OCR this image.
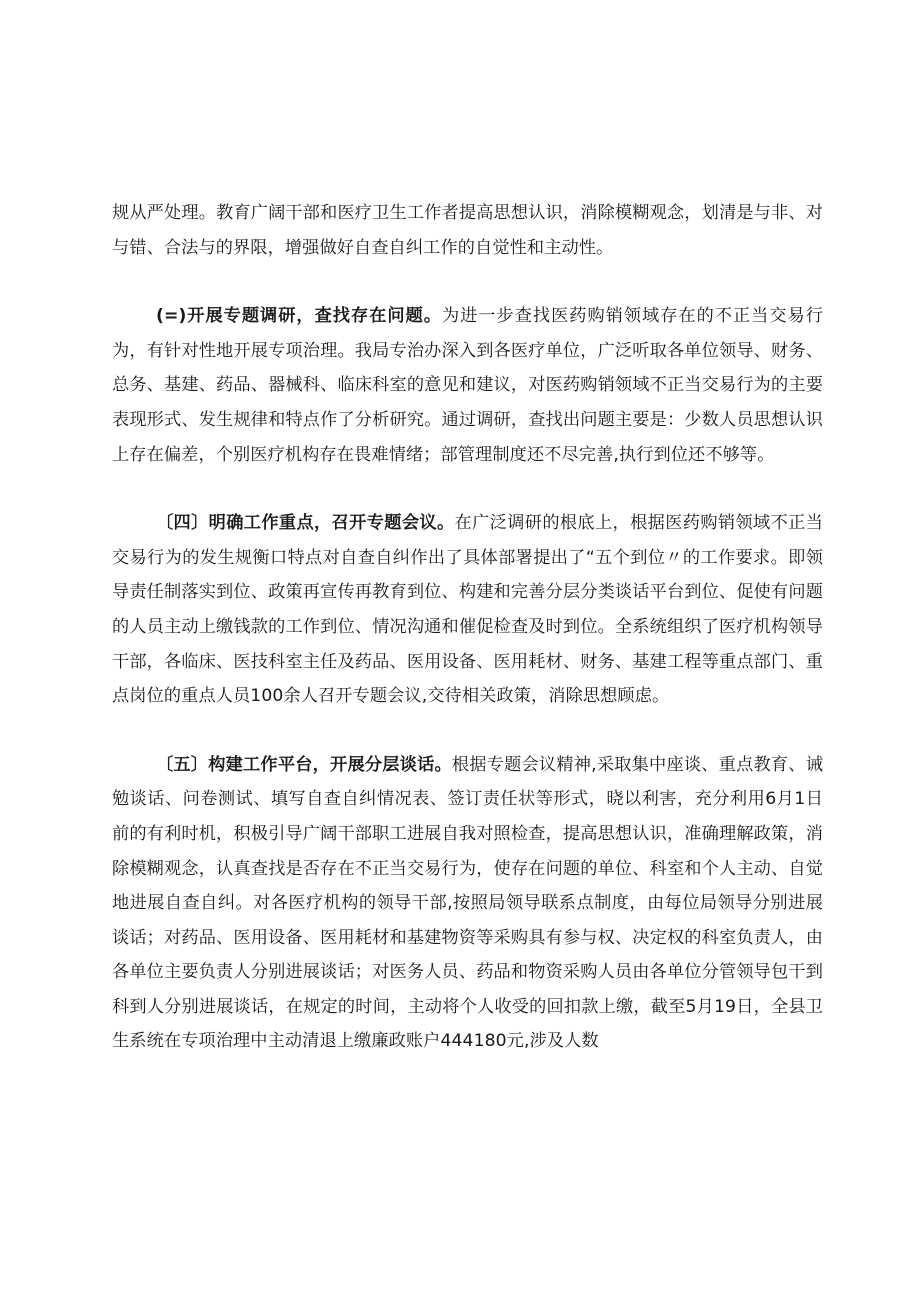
规从严处理。教育广阔干部和医疗卫生工作者提高思想认识，消除模糊观念，划清是与非、对与错、合法与的界限，增强做好自查自纠工作的自觉性和主动性。

(=)开展专题调研，查找存在问题。为进一步查找医药购销领域存在的不正当交易行为，有针对性地开展专项治理。我局专治办深入到各医疗单位，广泛听取各单位领导、财务、总务、基建、药品、器械科、临床科室的意见和建议，对医药购销领域不正当交易行为的主要表现形式、发生规律和特点作了分析研究。通过调研，查找出问题主要是：少数人员思想认识上存在偏差，个别医疗机构存在畏难情绪；部管理制度还不尽完善,执行到位还不够等。

〔四〕明确工作重点，召开专题会议。在广泛调研的根底上，根据医药购销领域不正当交易行为的发生规衡口特点对自查自纠作出了具体部署提出了“五个到位〃的工作要求。即领导责任制落实到位、政策再宣传再教育到位、构建和完善分层分类谈话平台到位、促使有问题的人员主动上缴钱款的工作到位、情况沟通和催促检查及时到位。全系统组织了医疗机构领导干部，各临床、医技科室主任及药品、医用设备、医用耗材、财务、基建工程等重点部门、重点岗位的重点人员100余人召开专题会议,交待相关政策，消除思想顾虑。

〔五〕构建工作平台，开展分层谈话。根据专题会议精神,采取集中座谈、重点教育、诫勉谈话、问卷测试、填写自查自纠情况表、签订责任状等形式，晓以利害，充分利用6月1日前的有利时机，积极引导广阔干部职工进展自我对照检查，提高思想认识，准确理解政策，消除模糊观念，认真查找是否存在不正当交易行为，使存在问题的单位、科室和个人主动、自觉地进展自查自纠。对各医疗机构的领导干部,按照局领导联系点制度，由每位局领导分别进展谈话；对药品、医用设备、医用耗材和基建物资等采购具有参与权、决定权的科室负责人，由各单位主要负责人分别进展谈话；对医务人员、药品和物资采购人员由各单位分管领导包干到科到人分别进展谈话，在规定的时间，主动将个人收受的回扣款上缴，截至5月19日，全县卫生系统在专项治理中主动清退上缴廉政账户444180元,涉及人数
